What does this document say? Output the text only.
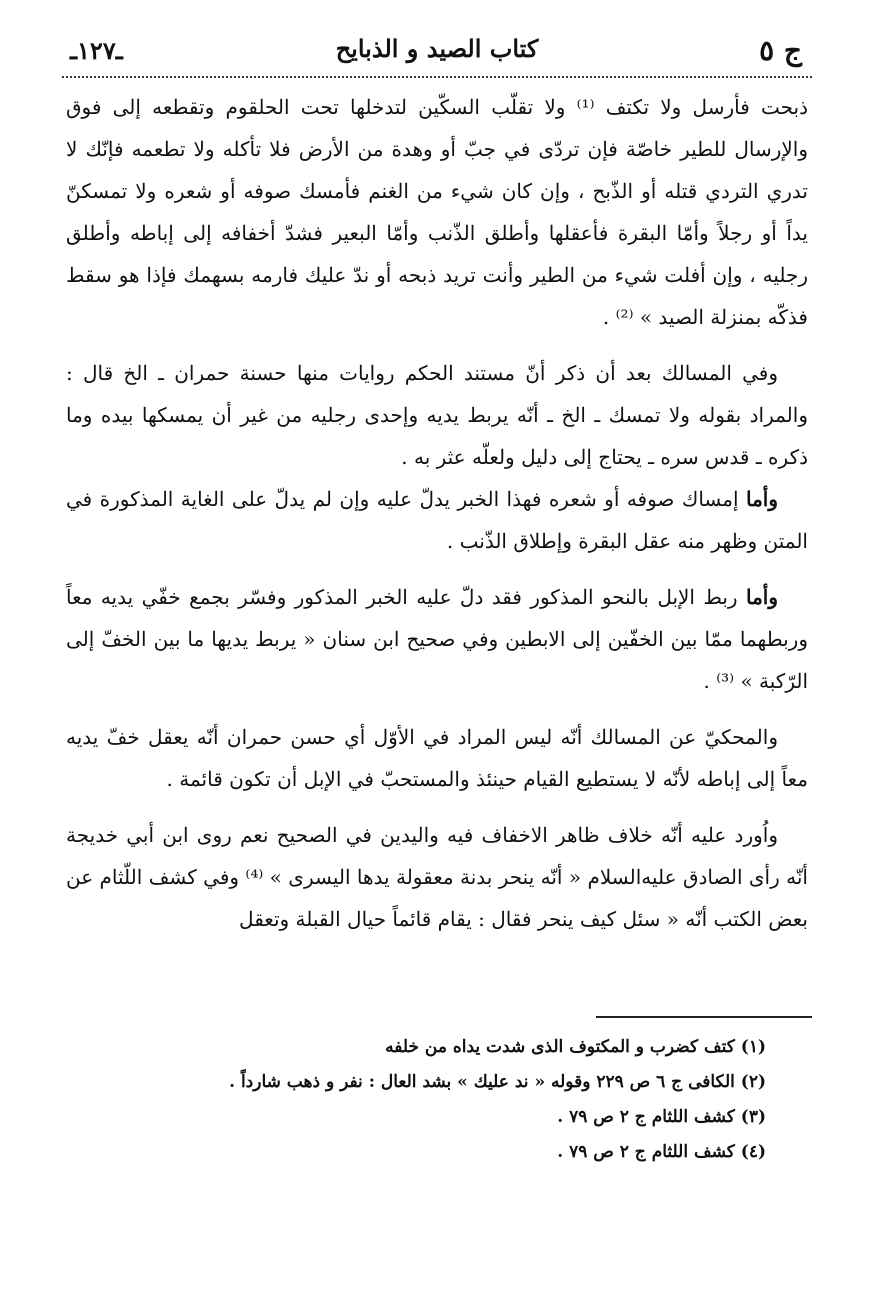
ج ٥
كتاب الصيد و الذبايح
ـ١٢٧ـ

ذبحت فأرسل ولا تكتف ⁽¹⁾ ولا تقلّب السكّين لتدخلها تحت الحلقوم وتقطعه إلى فوق والإرسال للطير خاصّة فإن تردّى في جبّ أو وهدة من الأرض فلا تأكله ولا تطعمه فإنّك لا تدري التردي قتله أو الذّبح ، وإن كان شيء من الغنم فأمسك صوفه أو شعره ولا تمسكنّ يداً أو رجلاً وأمّا البقرة فأعقلها وأطلق الذّنب وأمّا البعير فشدّ أخفافه إلى إباطه وأطلق رجليه ، وإن أفلت شيء من الطير وأنت تريد ذبحه أو ندّ عليك فارمه بسهمك فإذا هو سقط فذكّه بمنزلة الصيد » ⁽²⁾ .

وفي المسالك بعد أن ذكر أنّ مستند الحكم روايات منها حسنة حمران ـ الخ قال : والمراد بقوله ولا تمسك ـ الخ ـ أنّه يربط يديه وإحدى رجليه من غير أن يمسكها بيده وما ذكره ـ قدس سره ـ يحتاج إلى دليل ولعلّه عثر به .

وأما إمساك صوفه أو شعره فهذا الخبر يدلّ عليه وإن لم يدلّ على الغاية المذكورة في المتن وظهر منه عقل البقرة وإطلاق الذّنب .

وأما ربط الإبل بالنحو المذكور فقد دلّ عليه الخبر المذكور وفسّر بجمع خفّي يديه معاً وربطهما ممّا بين الخفّين إلى الابطين وفي صحيح ابن سنان « يربط يديها ما بين الخفّ إلى الرّكبة » ⁽³⁾ .

والمحكيّ عن المسالك أنّه ليس المراد في الأوّل أي حسن حمران أنّه يعقل خفّ يديه معاً إلى إباطه لأنّه لا يستطيع القيام حينئذ والمستحبّ في الإبل أن تكون قائمة .

واُورد عليه أنّه خلاف ظاهر الاخفاف فيه واليدين في الصحيح نعم روى ابن أبي خديجة أنّه رأى الصادق عليه‌السلام « أنّه ينحر بدنة معقولة يدها اليسرى » ⁽⁴⁾ وفي كشف اللّثام عن بعض الكتب أنّه « سئل كيف ينحر فقال : يقام قائماً حيال القبلة وتعقل

(١) كتف كضرب و المكتوف الذى شدت يداه من خلفه

(٢) الكافى ج ٦ ص ٢٢٩ وقوله « ند عليك » بشد العال : نفر و ذهب شارداً .

(٣) كشف اللثام ج ٢ ص ٧٩ .

(٤) كشف اللثام ج ٢ ص ٧٩ .
